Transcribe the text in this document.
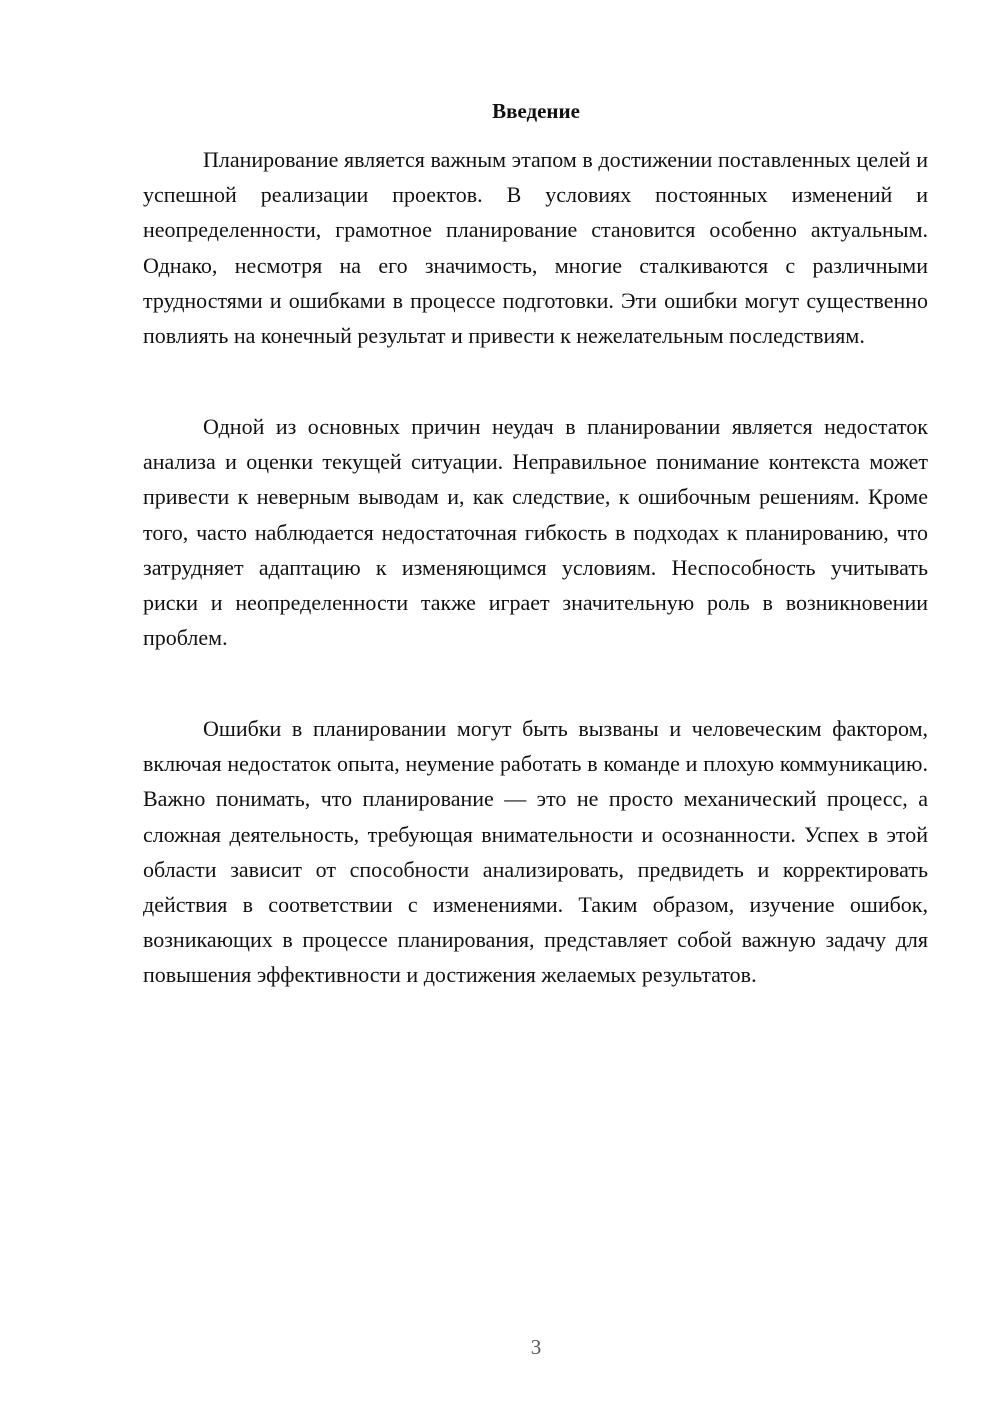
Введение

Планирование является важным этапом в достижении поставленных целей и успешной реализации проектов. В условиях постоянных изменений и неопределенности, грамотное планирование становится особенно актуальным. Однако, несмотря на его значимость, многие сталкиваются с различными трудностями и ошибками в процессе подготовки. Эти ошибки могут существенно повлиять на конечный результат и привести к нежелательным последствиям.

Одной из основных причин неудач в планировании является недостаток анализа и оценки текущей ситуации. Неправильное понимание контекста может привести к неверным выводам и, как следствие, к ошибочным решениям. Кроме того, часто наблюдается недостаточная гибкость в подходах к планированию, что затрудняет адаптацию к изменяющимся условиям. Неспособность учитывать риски и неопределенности также играет значительную роль в возникновении проблем.

Ошибки в планировании могут быть вызваны и человеческим фактором, включая недостаток опыта, неумение работать в команде и плохую коммуникацию. Важно понимать, что планирование — это не просто механический процесс, а сложная деятельность, требующая внимательности и осознанности. Успех в этой области зависит от способности анализировать, предвидеть и корректировать действия в соответствии с изменениями. Таким образом, изучение ошибок, возникающих в процессе планирования, представляет собой важную задачу для повышения эффективности и достижения желаемых результатов.

3
